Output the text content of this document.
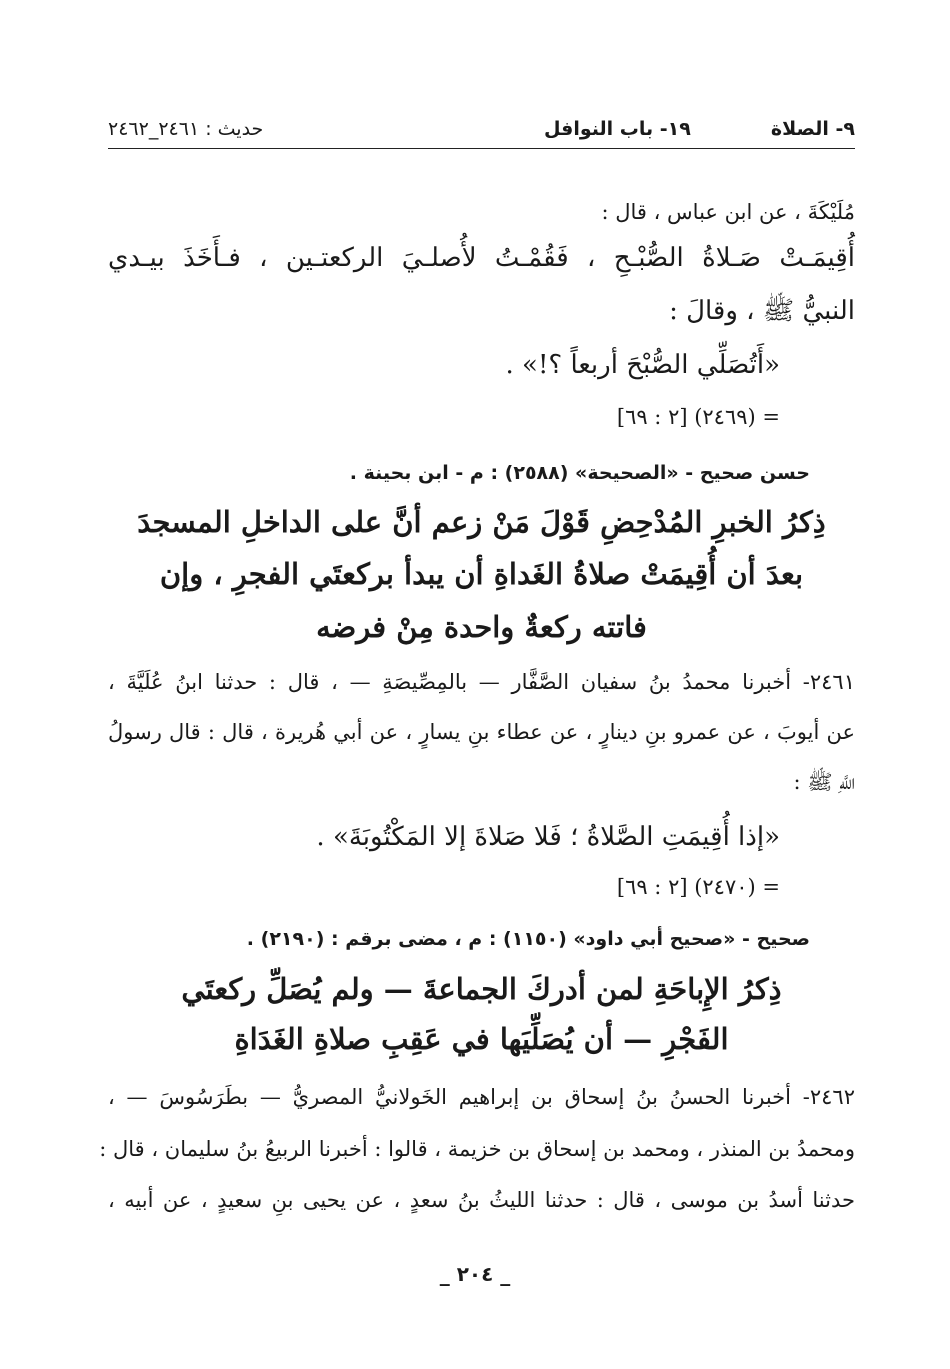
٩- الصلاة
١٩- باب النوافل
حديث : ٢٤٦١_٢٤٦٢
مُلَيْكَةَ ، عن ابن عباس ، قال :
أُقِيمَـتْ صَـلاةُ الصُّبْـحِ ، فَقُمْـتُ لأُصلـيَ الركعتـين ، فـأَخَذَ بيـدي
النبيُّ ﷺ ، وقالَ :
«أَتُصَلِّي الصُّبْحَ أربعاً ؟!» .
= (٢٤٦٩) [٢ : ٦٩]
حسن صحيح - «الصحيحة» (٢٥٨٨) : م - ابن بحينة .
ذِكرُ الخبرِ المُدْحِضِ قَوْلَ مَنْ زعم أنَّ على الداخلِ المسجدَ
بعدَ أن أُقِيمَتْ صلاةُ الغَداةِ أن يبدأ بركعتَي الفجرِ ، وإن
فاتته ركعةٌ واحدة مِنْ فرضه
٢٤٦١- أخبرنا محمدُ بنُ سفيان الصَّفَّار — بالمِصِّيصَةِ — ، قال : حدثنا ابنُ عُلَيَّةَ ،
عن أيوبَ ، عن عمرو بنِ دينارٍ ، عن عطاء بنِ يسارٍ ، عن أبي هُريرة ، قال : قال رسولُ
اللَّهِ ﷺ :
«إذا أُقِيمَتِ الصَّلاةُ ؛ فَلا صَلاةَ إلا المَكْتُوبَةَ» .
= (٢٤٧٠) [٢ : ٦٩]
صحيح - «صحيح أبي داود» (١١٥٠) : م ، مضى برقم : (٢١٩٠) .
ذِكرُ الإِباحَةِ لمن أدركَ الجماعةَ — ولم يُصَلِّ ركعتَي
الفَجْرِ — أن يُصَلِّيَها في عَقِبِ صلاةِ الغَدَاةِ
٢٤٦٢- أخبرنا الحسنُ بنُ إسحاق بن إبراهيم الخَولانيُّ المصريُّ — بطَرَسُوسَ — ،
ومحمدُ بن المنذر ، ومحمد بن إسحاق بن خزيمة ، قالوا : أخبرنا الربيعُ بنُ سليمان ، قال :
حدثنا أسدُ بن موسى ، قال : حدثنا الليثُ بنُ سعدٍ ، عن يحيى بنِ سعيدٍ ، عن أبيه ،
_ ٢٠٤ _
